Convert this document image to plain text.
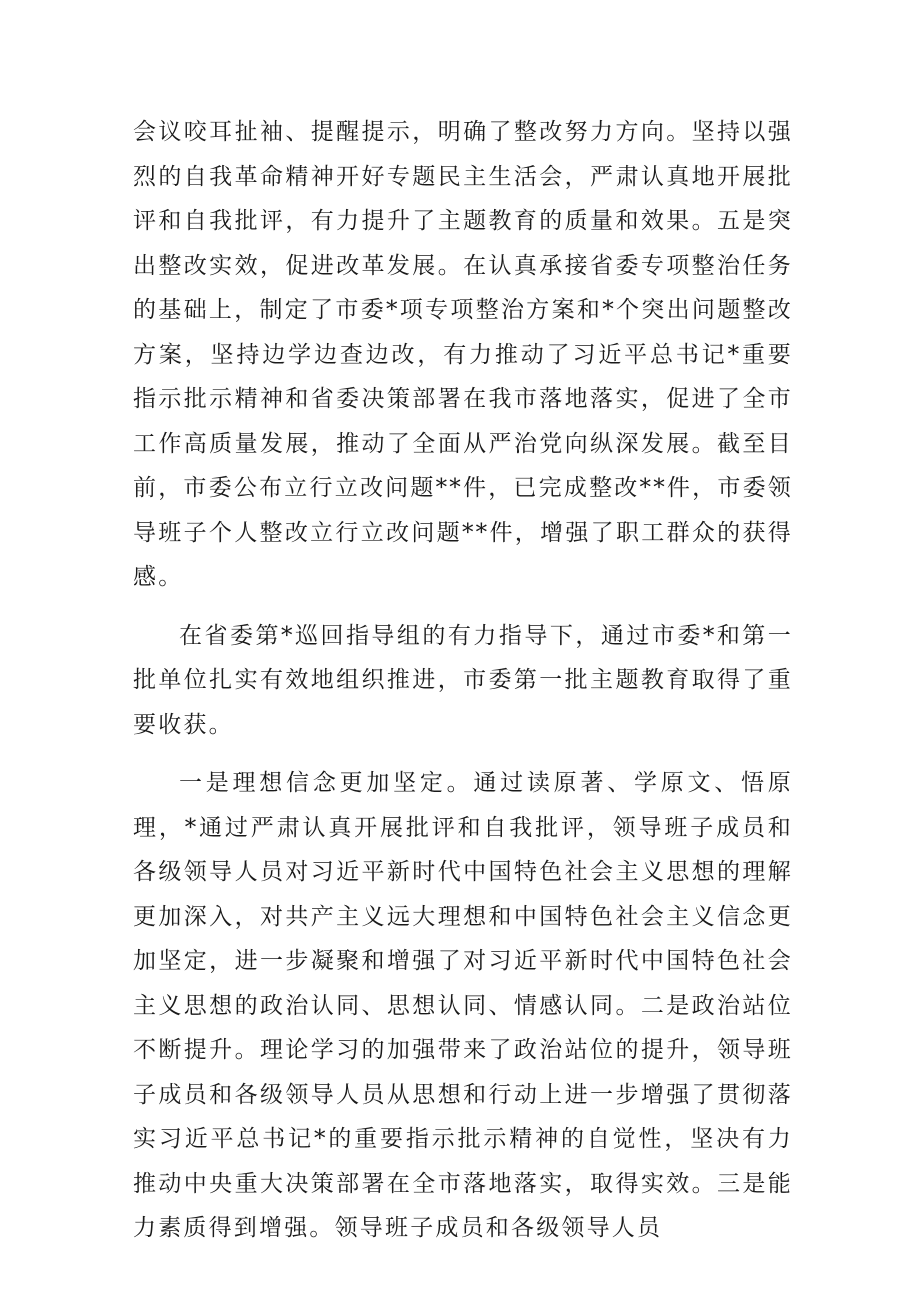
会议咬耳扯袖、提醒提示，明确了整改努力方向。坚持以强烈的自我革命精神开好专题民主生活会，严肃认真地开展批评和自我批评，有力提升了主题教育的质量和效果。五是突出整改实效，促进改革发展。在认真承接省委专项整治任务的基础上，制定了市委*项专项整治方案和*个突出问题整改方案，坚持边学边查边改，有力推动了习近平总书记*重要指示批示精神和省委决策部署在我市落地落实，促进了全市工作高质量发展，推动了全面从严治党向纵深发展。截至目前，市委公布立行立改问题**件，已完成整改**件，市委领导班子个人整改立行立改问题**件，增强了职工群众的获得感。

在省委第*巡回指导组的有力指导下，通过市委*和第一批单位扎实有效地组织推进，市委第一批主题教育取得了重要收获。

一是理想信念更加坚定。通过读原著、学原文、悟原理，*通过严肃认真开展批评和自我批评，领导班子成员和各级领导人员对习近平新时代中国特色社会主义思想的理解更加深入，对共产主义远大理想和中国特色社会主义信念更加坚定，进一步凝聚和增强了对习近平新时代中国特色社会主义思想的政治认同、思想认同、情感认同。二是政治站位不断提升。理论学习的加强带来了政治站位的提升，领导班子成员和各级领导人员从思想和行动上进一步增强了贯彻落实习近平总书记*的重要指示批示精神的自觉性，坚决有力推动中央重大决策部署在全市落地落实，取得实效。三是能力素质得到增强。领导班子成员和各级领导人员
